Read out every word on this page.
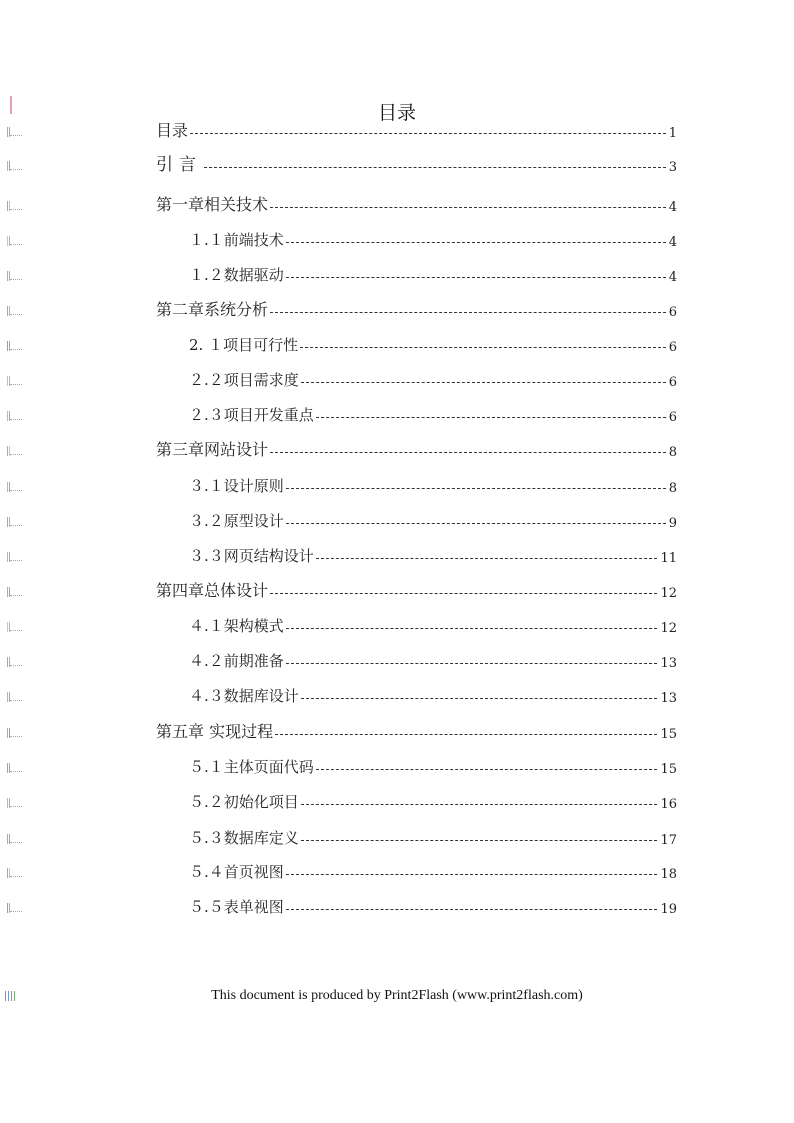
目录
目录	1
引言	3
第一章相关技术	4
１.１前端技术	4
１.２数据驱动	4
第二章系统分析	6
2. １项目可行性	6
２.２项目需求度	6
２.３项目开发重点	6
第三章网站设计	8
３.１设计原则	8
３.２原型设计	9
３.３网页结构设计	11
第四章总体设计	12
４.１架构模式	12
４.２前期准备	13
４.３数据库设计	13
第五章 实现过程	15
５.１主体页面代码	15
５.２初始化项目	16
５.３数据库定义	17
５.４首页视图	18
５.５表单视图	19
This document is produced by Print2Flash (www.print2flash.com)
